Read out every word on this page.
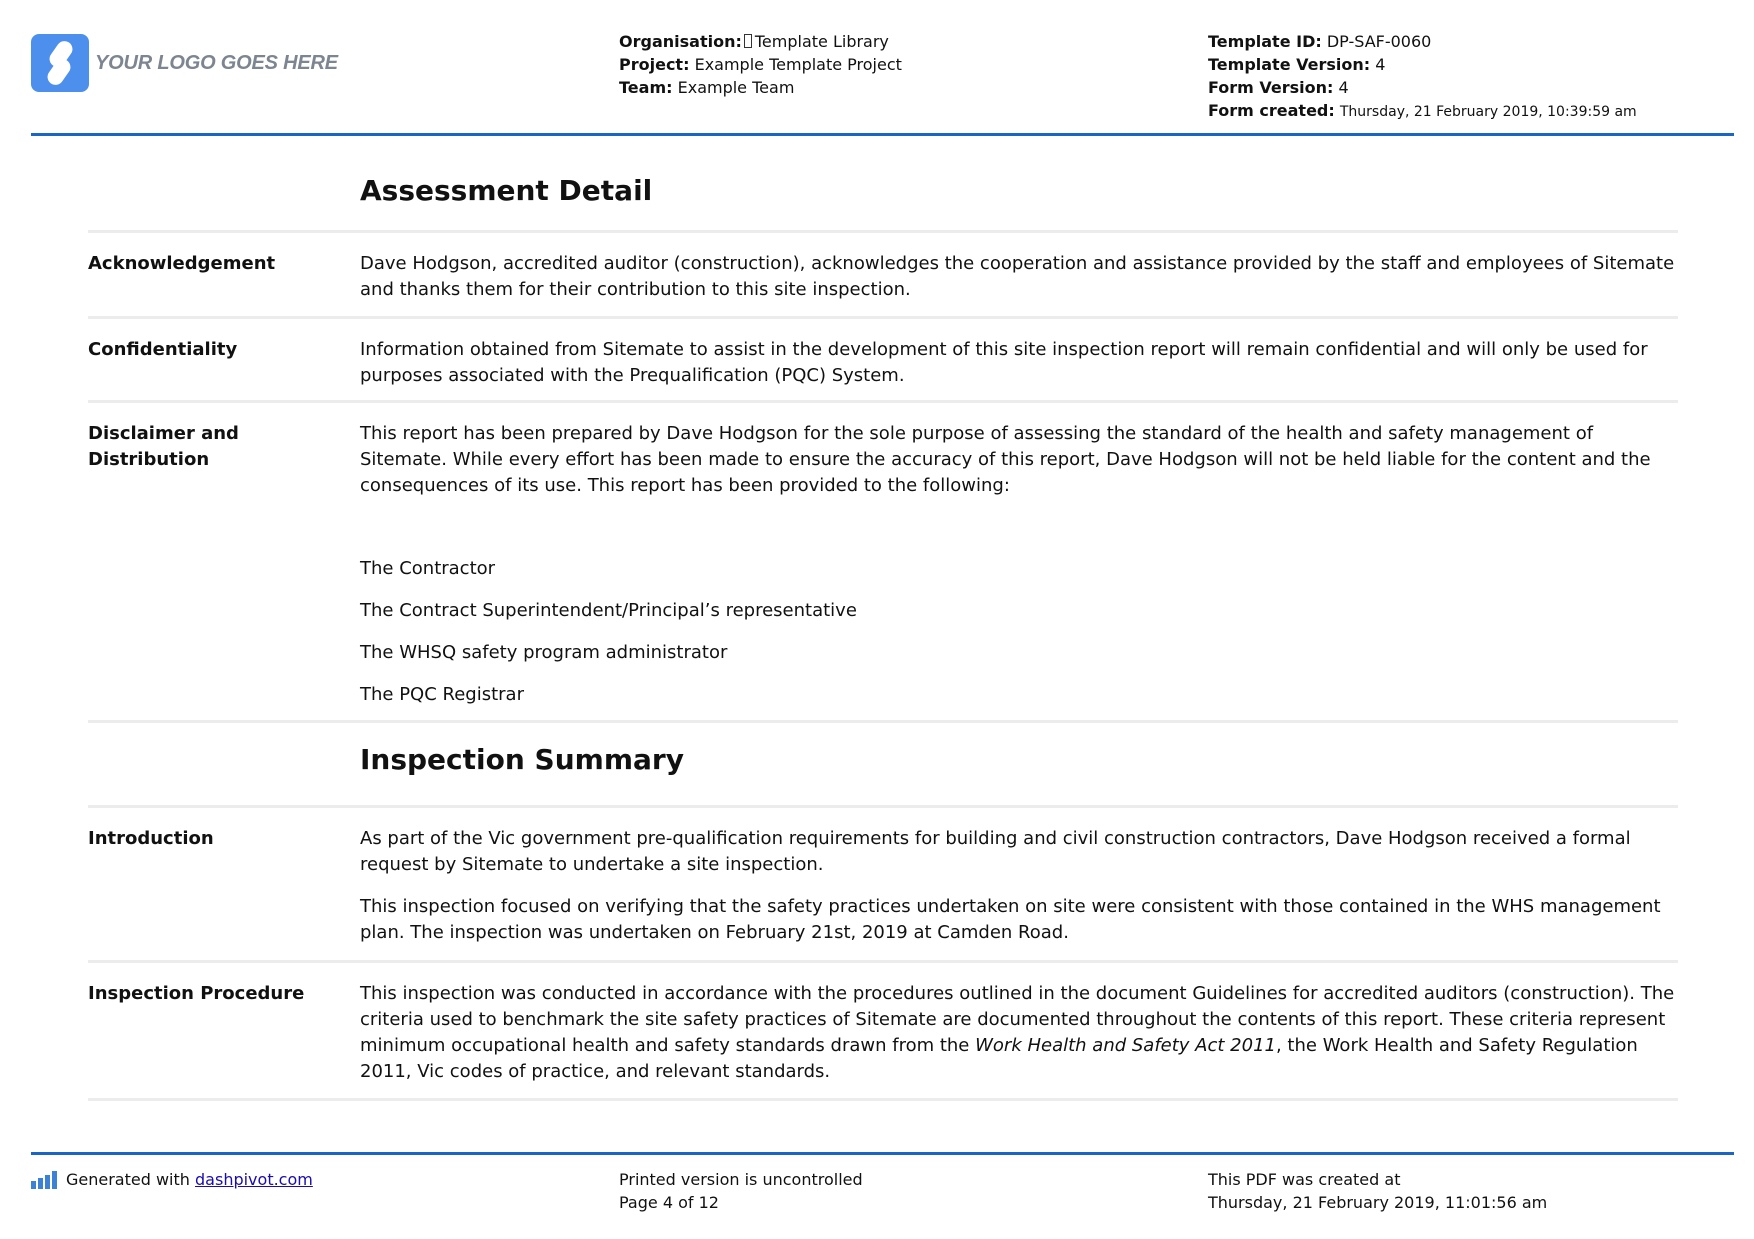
YOUR LOGO GOES HERE
Organisation: Template Library
Project: Example Template Project
Team: Example Team
Template ID: DP-SAF-0060
Template Version: 4
Form Version: 4
Form created: Thursday, 21 February 2019, 10:39:59 am
Assessment Detail
Acknowledgement	Dave Hodgson, accredited auditor (construction), acknowledges the cooperation and assistance provided by the staff and employees of Sitemate and thanks them for their contribution to this site inspection.
Confidentiality	Information obtained from Sitemate to assist in the development of this site inspection report will remain confidential and will only be used for purposes associated with the Prequalification (PQC) System.
Disclaimer and Distribution
This report has been prepared by Dave Hodgson for the sole purpose of assessing the standard of the health and safety management of Sitemate. While every effort has been made to ensure the accuracy of this report, Dave Hodgson will not be held liable for the content and the consequences of its use. This report has been provided to the following:
The Contractor
The Contract Superintendent/Principal’s representative
The WHSQ safety program administrator
The PQC Registrar
Inspection Summary
Introduction	As part of the Vic government pre-qualification requirements for building and civil construction contractors, Dave Hodgson received a formal request by Sitemate to undertake a site inspection.

This inspection focused on verifying that the safety practices undertaken on site were consistent with those contained in the WHS management plan. The inspection was undertaken on February 21st, 2019 at Camden Road.

Inspection Procedure	This inspection was conducted in accordance with the procedures outlined in the document Guidelines for accredited auditors (construction). The criteria used to benchmark the site safety practices of Sitemate are documented throughout the contents of this report. These criteria represent minimum occupational health and safety standards drawn from the Work Health and Safety Act 2011, the Work Health and Safety Regulation 2011, Vic codes of practice, and relevant standards.
Generated with
dashpivot.com	Printed version is uncontrolled
Page 4 of 12
This PDF was created at
Thursday, 21 February 2019, 11:01:56 am
